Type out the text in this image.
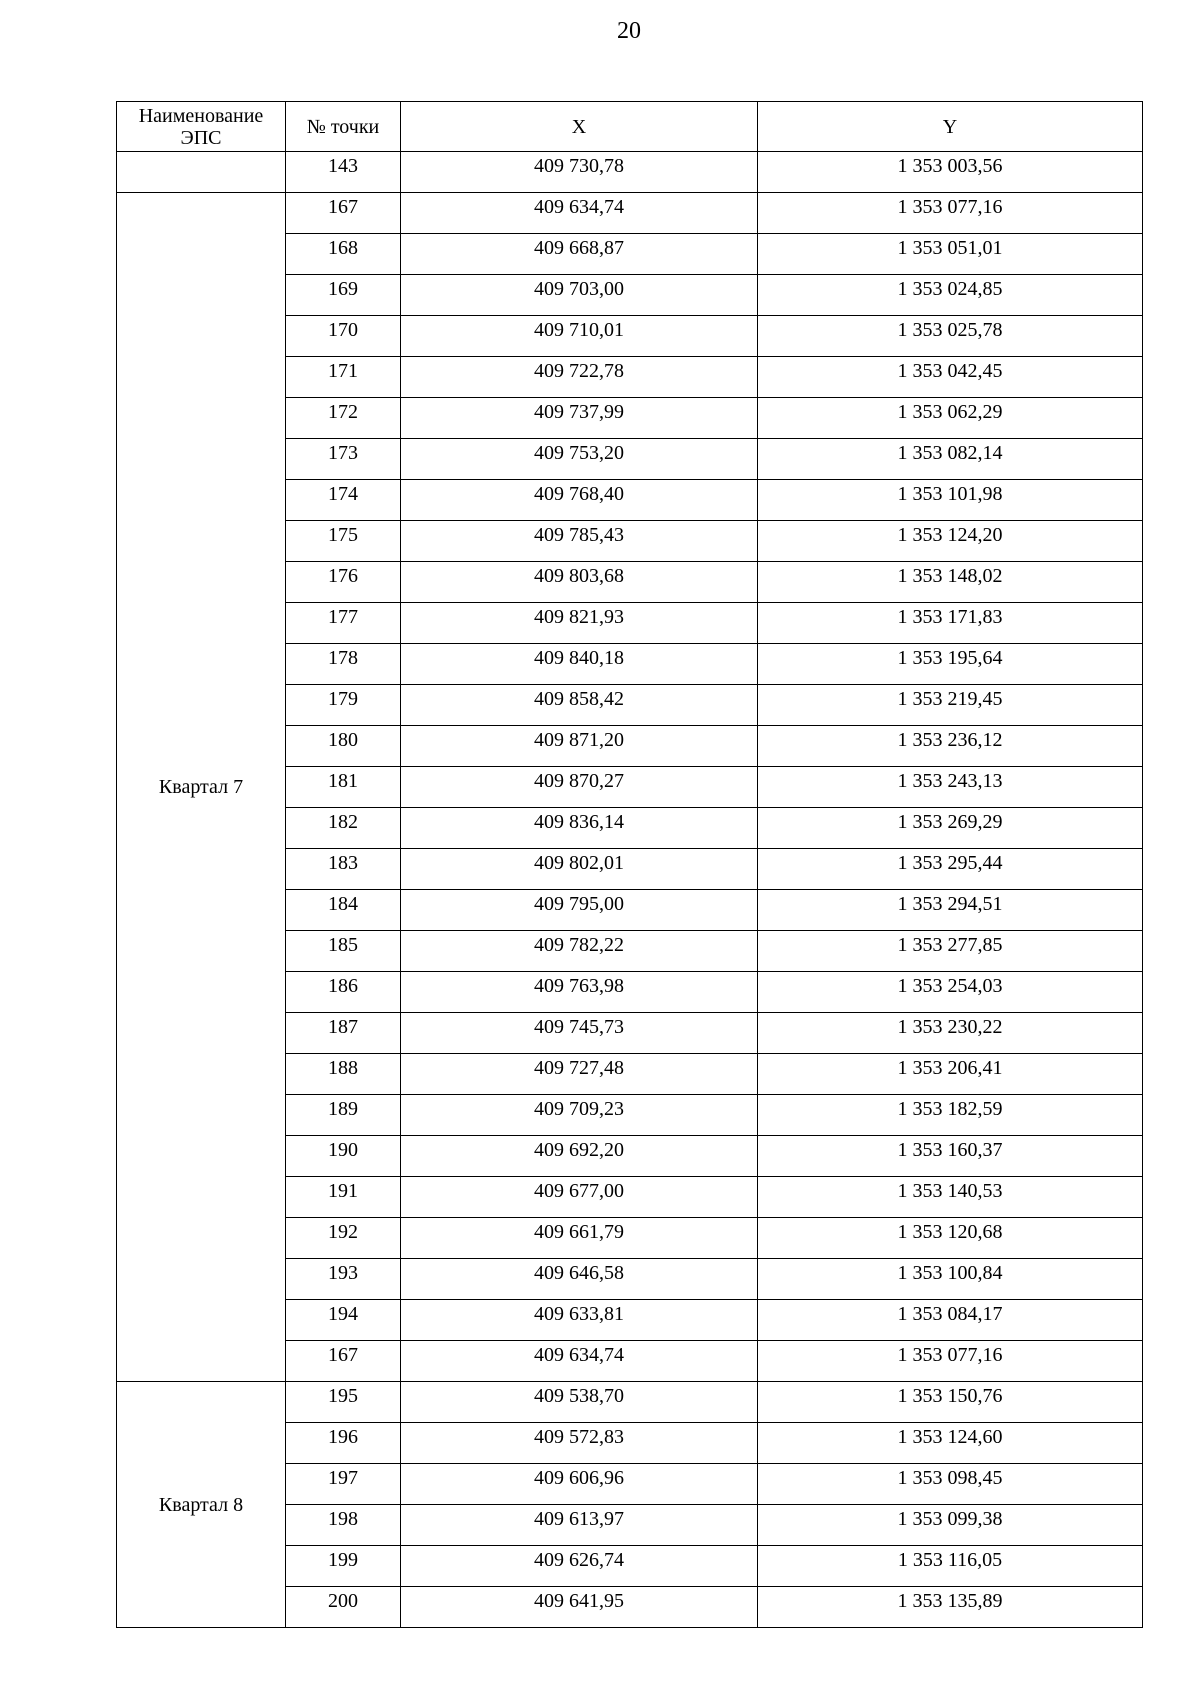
20
Наименование ЭПС	№ точки	X	Y
	143	409 730,78	1 353 003,56
Квартал 7	167	409 634,74	1 353 077,16
	168	409 668,87	1 353 051,01
	169	409 703,00	1 353 024,85
	170	409 710,01	1 353 025,78
	171	409 722,78	1 353 042,45
	172	409 737,99	1 353 062,29
	173	409 753,20	1 353 082,14
	174	409 768,40	1 353 101,98
	175	409 785,43	1 353 124,20
	176	409 803,68	1 353 148,02
	177	409 821,93	1 353 171,83
	178	409 840,18	1 353 195,64
	179	409 858,42	1 353 219,45
	180	409 871,20	1 353 236,12
	181	409 870,27	1 353 243,13
	182	409 836,14	1 353 269,29
	183	409 802,01	1 353 295,44
	184	409 795,00	1 353 294,51
	185	409 782,22	1 353 277,85
	186	409 763,98	1 353 254,03
	187	409 745,73	1 353 230,22
	188	409 727,48	1 353 206,41
	189	409 709,23	1 353 182,59
	190	409 692,20	1 353 160,37
	191	409 677,00	1 353 140,53
	192	409 661,79	1 353 120,68
	193	409 646,58	1 353 100,84
	194	409 633,81	1 353 084,17
	167	409 634,74	1 353 077,16
Квартал 8	195	409 538,70	1 353 150,76
	196	409 572,83	1 353 124,60
	197	409 606,96	1 353 098,45
	198	409 613,97	1 353 099,38
	199	409 626,74	1 353 116,05
	200	409 641,95	1 353 135,89
